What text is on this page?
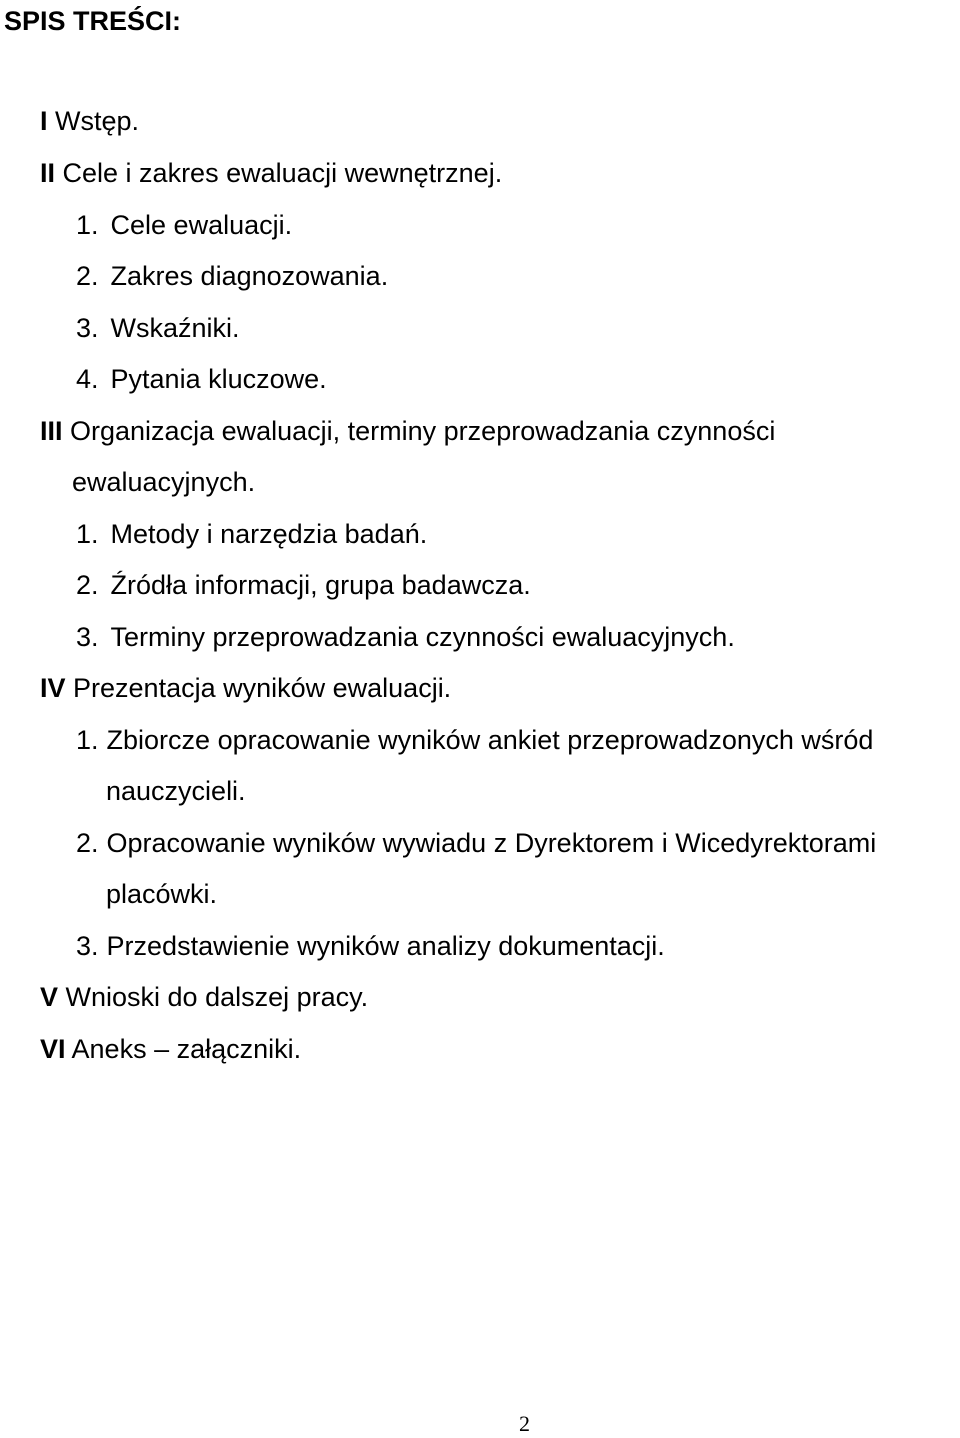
SPIS TREŚCI:
I Wstęp.
II Cele i zakres ewaluacji wewnętrznej.
1. Cele ewaluacji.
2. Zakres diagnozowania.
3. Wskaźniki.
4. Pytania kluczowe.
III Organizacja ewaluacji, terminy przeprowadzania czynności
ewaluacyjnych.
1. Metody i narzędzia badań.
2. Źródła informacji, grupa badawcza.
3. Terminy przeprowadzania czynności ewaluacyjnych.
IV Prezentacja wyników ewaluacji.
1. Zbiorcze opracowanie wyników ankiet przeprowadzonych wśród
nauczycieli.
2. Opracowanie wyników wywiadu z Dyrektorem i Wicedyrektorami
placówki.
3. Przedstawienie wyników analizy dokumentacji.
V Wnioski do dalszej pracy.
VI Aneks – załączniki.
2
